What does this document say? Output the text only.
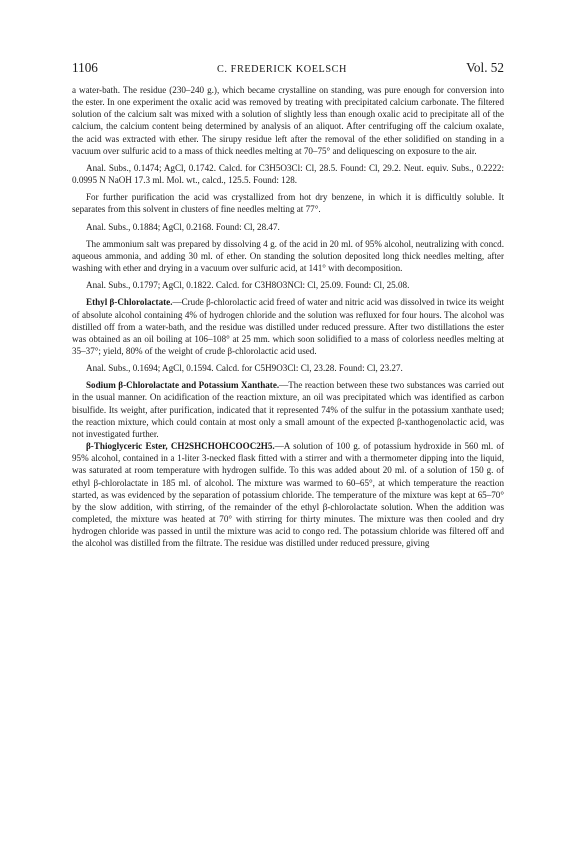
1106	C. FREDERICK KOELSCH	Vol. 52

a water-bath. The residue (230–240 g.), which became crystalline on standing, was pure enough for conversion into the ester. In one experiment the oxalic acid was removed by treating with precipitated calcium carbonate. The filtered solution of the calcium salt was mixed with a solution of slightly less than enough oxalic acid to precipitate all of the calcium, the calcium content being determined by analysis of an aliquot. After centrifuging off the calcium oxalate, the acid was extracted with ether. The sirupy residue left after the removal of the ether solidified on standing in a vacuum over sulfuric acid to a mass of thick needles melting at 70–75° and deliquescing on exposure to the air.

Anal. Subs., 0.1474; AgCl, 0.1742. Calcd. for C3H5O3Cl: Cl, 28.5. Found: Cl, 29.2. Neut. equiv. Subs., 0.2222: 0.0995 N NaOH 17.3 ml. Mol. wt., calcd., 125.5. Found: 128.

For further purification the acid was crystallized from hot dry benzene, in which it is difficultly soluble. It separates from this solvent in clusters of fine needles melting at 77°.

Anal. Subs., 0.1884; AgCl, 0.2168. Found: Cl, 28.47.

The ammonium salt was prepared by dissolving 4 g. of the acid in 20 ml. of 95% alcohol, neutralizing with concd. aqueous ammonia, and adding 30 ml. of ether. On standing the solution deposited long thick needles melting, after washing with ether and drying in a vacuum over sulfuric acid, at 141° with decomposition.

Anal. Subs., 0.1797; AgCl, 0.1822. Calcd. for C3H8O3NCl: Cl, 25.09. Found: Cl, 25.08.

Ethyl β-Chlorolactate.—Crude β-chlorolactic acid freed of water and nitric acid was dissolved in twice its weight of absolute alcohol containing 4% of hydrogen chloride and the solution was refluxed for four hours. The alcohol was distilled off from a water-bath, and the residue was distilled under reduced pressure. After two distillations the ester was obtained as an oil boiling at 106–108° at 25 mm. which soon solidified to a mass of colorless needles melting at 35–37°; yield, 80% of the weight of crude β-chlorolactic acid used.

Anal. Subs., 0.1694; AgCl, 0.1594. Calcd. for C5H9O3Cl: Cl, 23.28. Found: Cl, 23.27.

Sodium β-Chlorolactate and Potassium Xanthate.—The reaction between these two substances was carried out in the usual manner. On acidification of the reaction mixture, an oil was precipitated which was identified as carbon bisulfide. Its weight, after purification, indicated that it represented 74% of the sulfur in the potassium xanthate used; the reaction mixture, which could contain at most only a small amount of the expected β-xanthogenolactic acid, was not investigated further.

β-Thioglyceric Ester, CH2SHCHOHCOOC2H5.—A solution of 100 g. of potassium hydroxide in 560 ml. of 95% alcohol, contained in a 1-liter 3-necked flask fitted with a stirrer and with a thermometer dipping into the liquid, was saturated at room temperature with hydrogen sulfide. To this was added about 20 ml. of a solution of 150 g. of ethyl β-chlorolactate in 185 ml. of alcohol. The mixture was warmed to 60–65°, at which temperature the reaction started, as was evidenced by the separation of potassium chloride. The temperature of the mixture was kept at 65–70° by the slow addition, with stirring, of the remainder of the ethyl β-chlorolactate solution. When the addition was completed, the mixture was heated at 70° with stirring for thirty minutes. The mixture was then cooled and dry hydrogen chloride was passed in until the mixture was acid to congo red. The potassium chloride was filtered off and the alcohol was distilled from the filtrate. The residue was distilled under reduced pressure, giving
